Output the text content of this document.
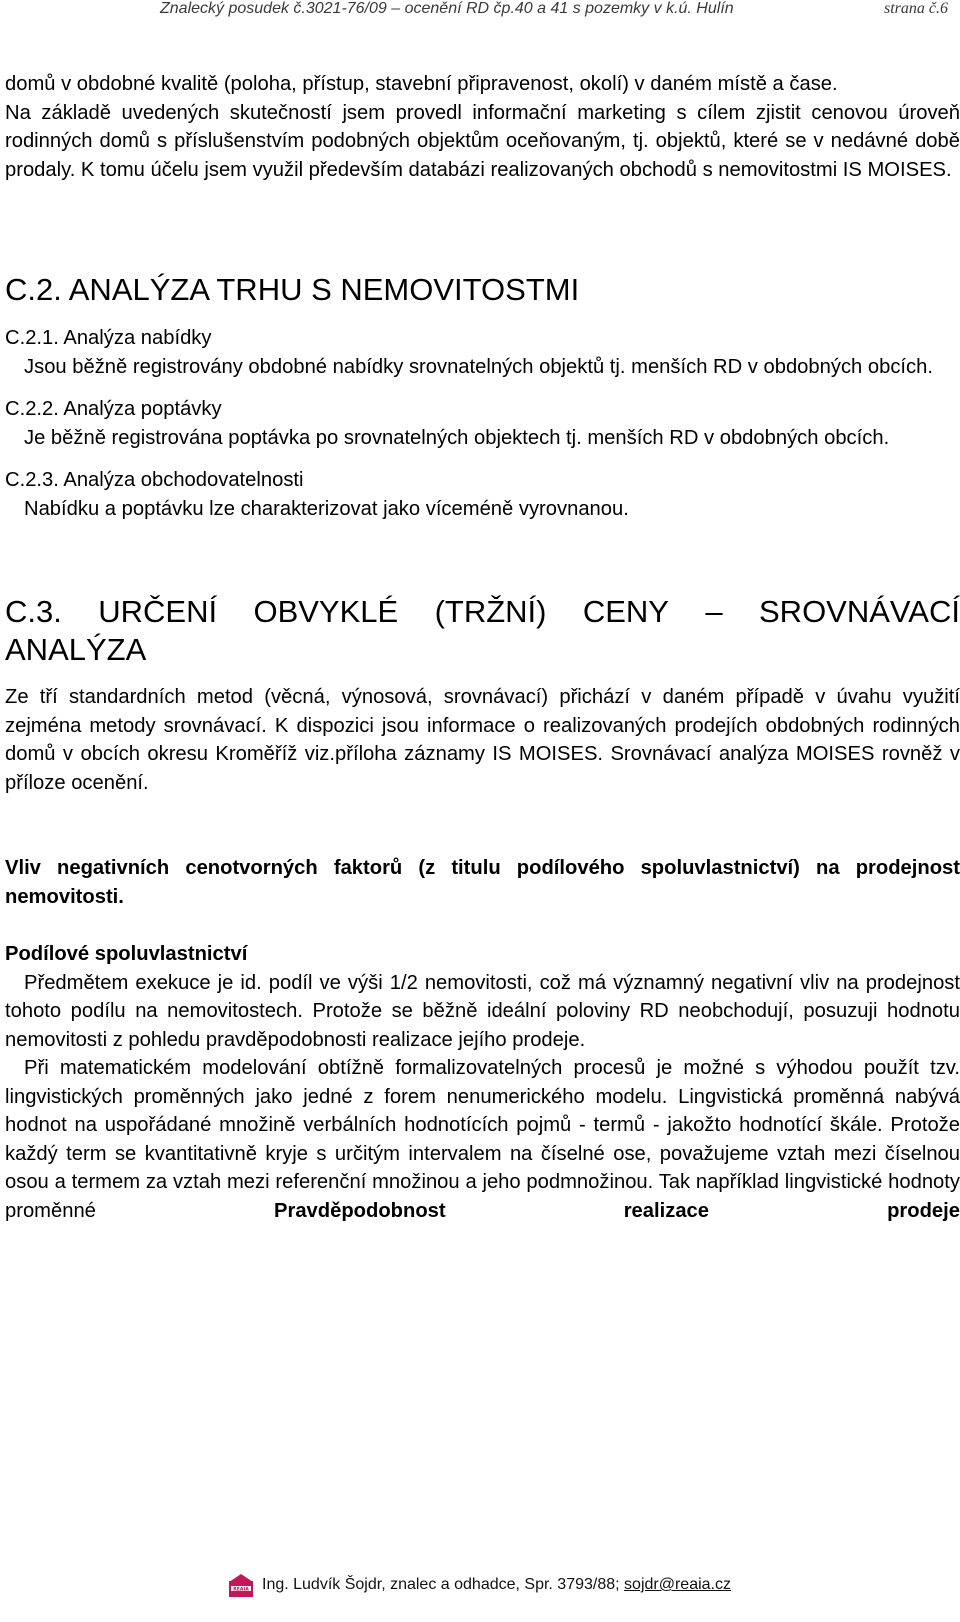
Znalecký posudek č.3021-76/09 – ocenění RD čp.40 a 41 s pozemky v k.ú. Hulín	strana č.6

domů v obdobné kvalitě (poloha, přístup, stavební připravenost, okolí) v daném místě a čase.

Na základě uvedených skutečností jsem provedl informační marketing s cílem zjistit cenovou úroveň rodinných domů s příslušenstvím podobných objektům oceňovaným, tj. objektů, které se v nedávné době prodaly. K tomu účelu jsem využil především databázi realizovaných obchodů s nemovitostmi IS MOISES.

C.2. ANALÝZA TRHU S NEMOVITOSTMI
C.2.1. Analýza nabídky

Jsou běžně registrovány obdobné nabídky srovnatelných objektů tj. menších RD v obdobných obcích.

C.2.2. Analýza poptávky

Je běžně registrována poptávka po srovnatelných objektech tj. menších RD v obdobných obcích.

C.2.3. Analýza obchodovatelnosti

Nabídku a poptávku lze charakterizovat jako víceméně vyrovnanou.

C.3. URČENÍ OBVYKLÉ (TRŽNÍ) CENY – SROVNÁVACÍ
ANALÝZA

Ze tří standardních metod (věcná, výnosová, srovnávací) přichází v daném případě v úvahu využití zejména metody srovnávací. K dispozici jsou informace o realizovaných prodejích obdobných rodinných domů v obcích okresu Kroměříž viz.příloha záznamy IS MOISES. Srovnávací analýza MOISES rovněž v příloze ocenění.

Vliv negativních cenotvorných faktorů (z titulu podílového spoluvlastnictví) na prodejnost nemovitosti.

Podílové spoluvlastnictví

Předmětem exekuce je id. podíl ve výši 1/2 nemovitosti, což má významný negativní vliv na prodejnost tohoto podílu na nemovitostech. Protože se běžně ideální poloviny RD neobchodují, posuzuji hodnotu nemovitosti z pohledu pravděpodobnosti realizace jejího prodeje.

Při matematickém modelování obtížně formalizovatelných procesů je možné s výhodou použít tzv. lingvistických proměnných jako jedné z forem nenumerického modelu. Lingvistická proměnná nabývá hodnot na uspořádané množině verbálních hodnotících pojmů - termů - jakožto hodnotící škále. Protože každý term se kvantitativně kryje s určitým intervalem na číselné ose, považujeme vztah mezi číselnou osou a termem za vztah mezi referenční množinou a jeho podmnožinou. Tak například lingvistické hodnoty proměnné	Pravděpodobnost realizace prodeje

REAIA Ing. Ludvík Šojdr, znalec a odhadce, Spr. 3793/88;
sojdr@reaia.cz
